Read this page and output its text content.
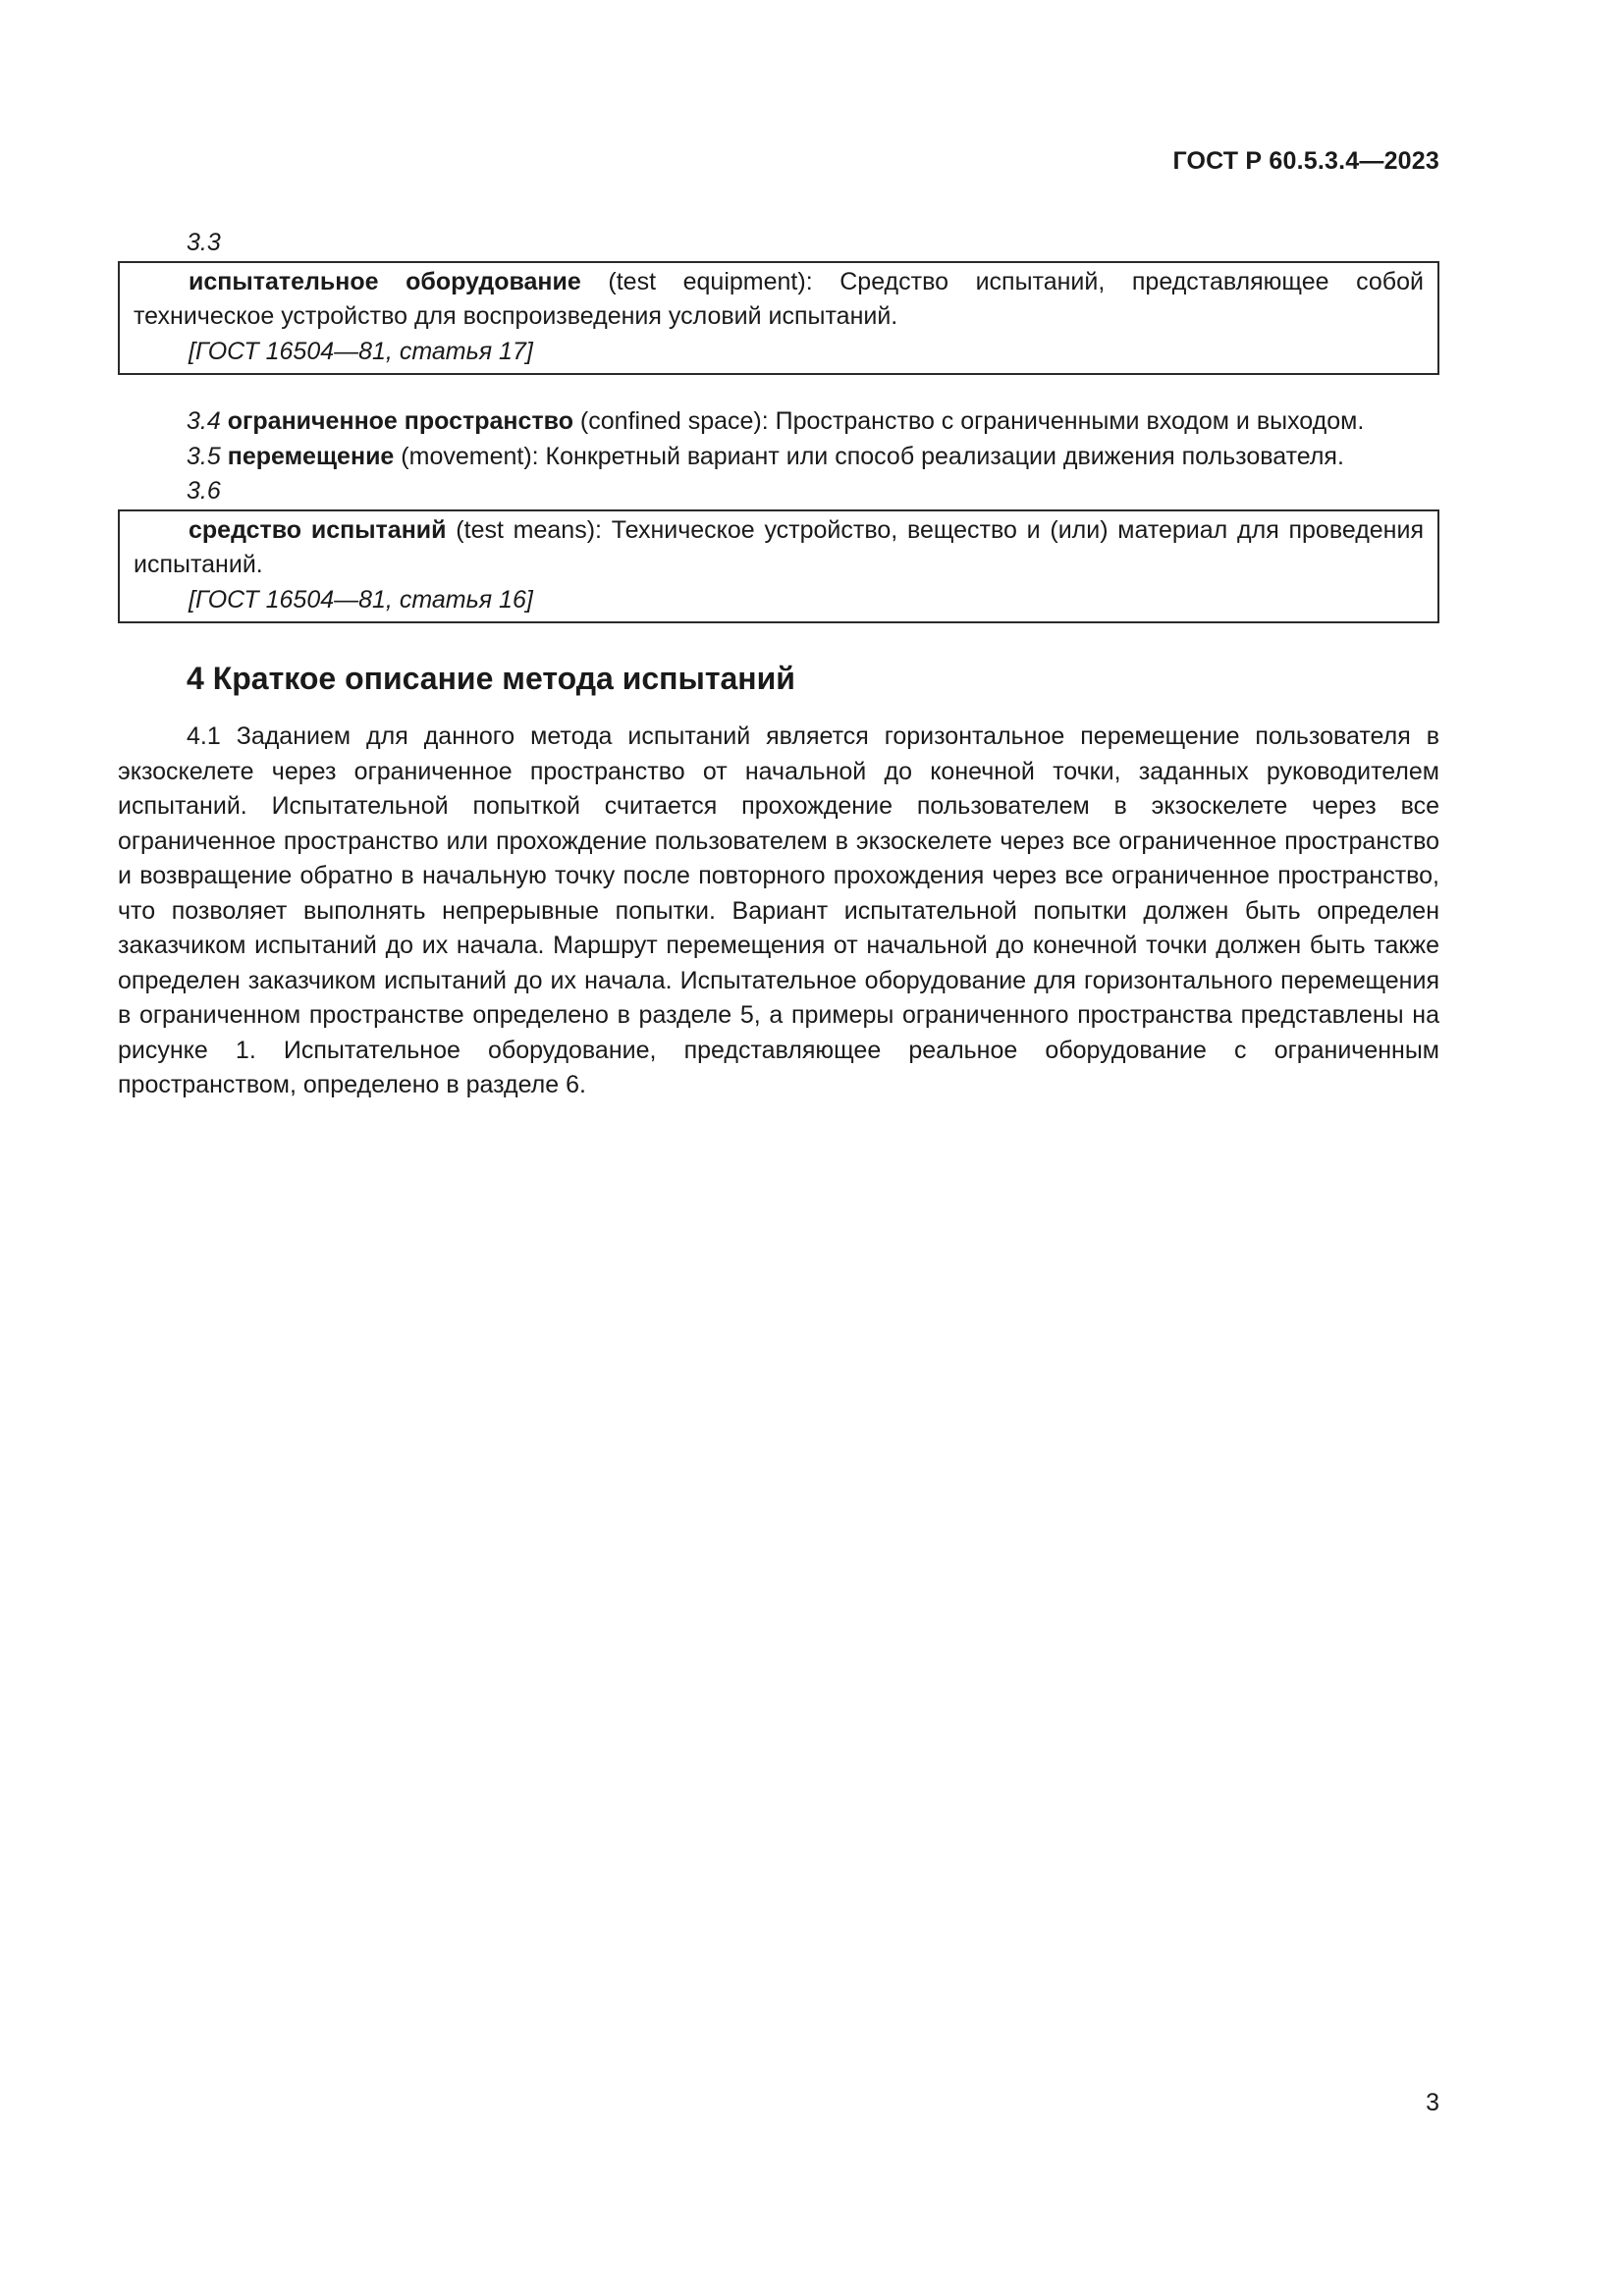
ГОСТ Р 60.5.3.4—2023

3.3

испытательное оборудование (test equipment): Средство испытаний, представляющее собой техническое устройство для воспроизведения условий испытаний.

[ГОСТ 16504—81, статья 17]

3.4 ограниченное пространство (confined space): Пространство с ограниченными входом и выходом.

3.5 перемещение (movement): Конкретный вариант или способ реализации движения пользователя.

3.6

средство испытаний (test means): Техническое устройство, вещество и (или) материал для проведения испытаний.

[ГОСТ 16504—81, статья 16]

4 Краткое описание метода испытаний

4.1 Заданием для данного метода испытаний является горизонтальное перемещение пользователя в экзоскелете через ограниченное пространство от начальной до конечной точки, заданных руководителем испытаний. Испытательной попыткой считается прохождение пользователем в экзоскелете через все ограниченное пространство или прохождение пользователем в экзоскелете через все ограниченное пространство и возвращение обратно в начальную точку после повторного прохождения через все ограниченное пространство, что позволяет выполнять непрерывные попытки. Вариант испытательной попытки должен быть определен заказчиком испытаний до их начала. Маршрут перемещения от начальной до конечной точки должен быть также определен заказчиком испытаний до их начала. Испытательное оборудование для горизонтального перемещения в ограниченном пространстве определено в разделе 5, а примеры ограниченного пространства представлены на рисунке 1. Испытательное оборудование, представляющее реальное оборудование с ограниченным пространством, определено в разделе 6.

3
